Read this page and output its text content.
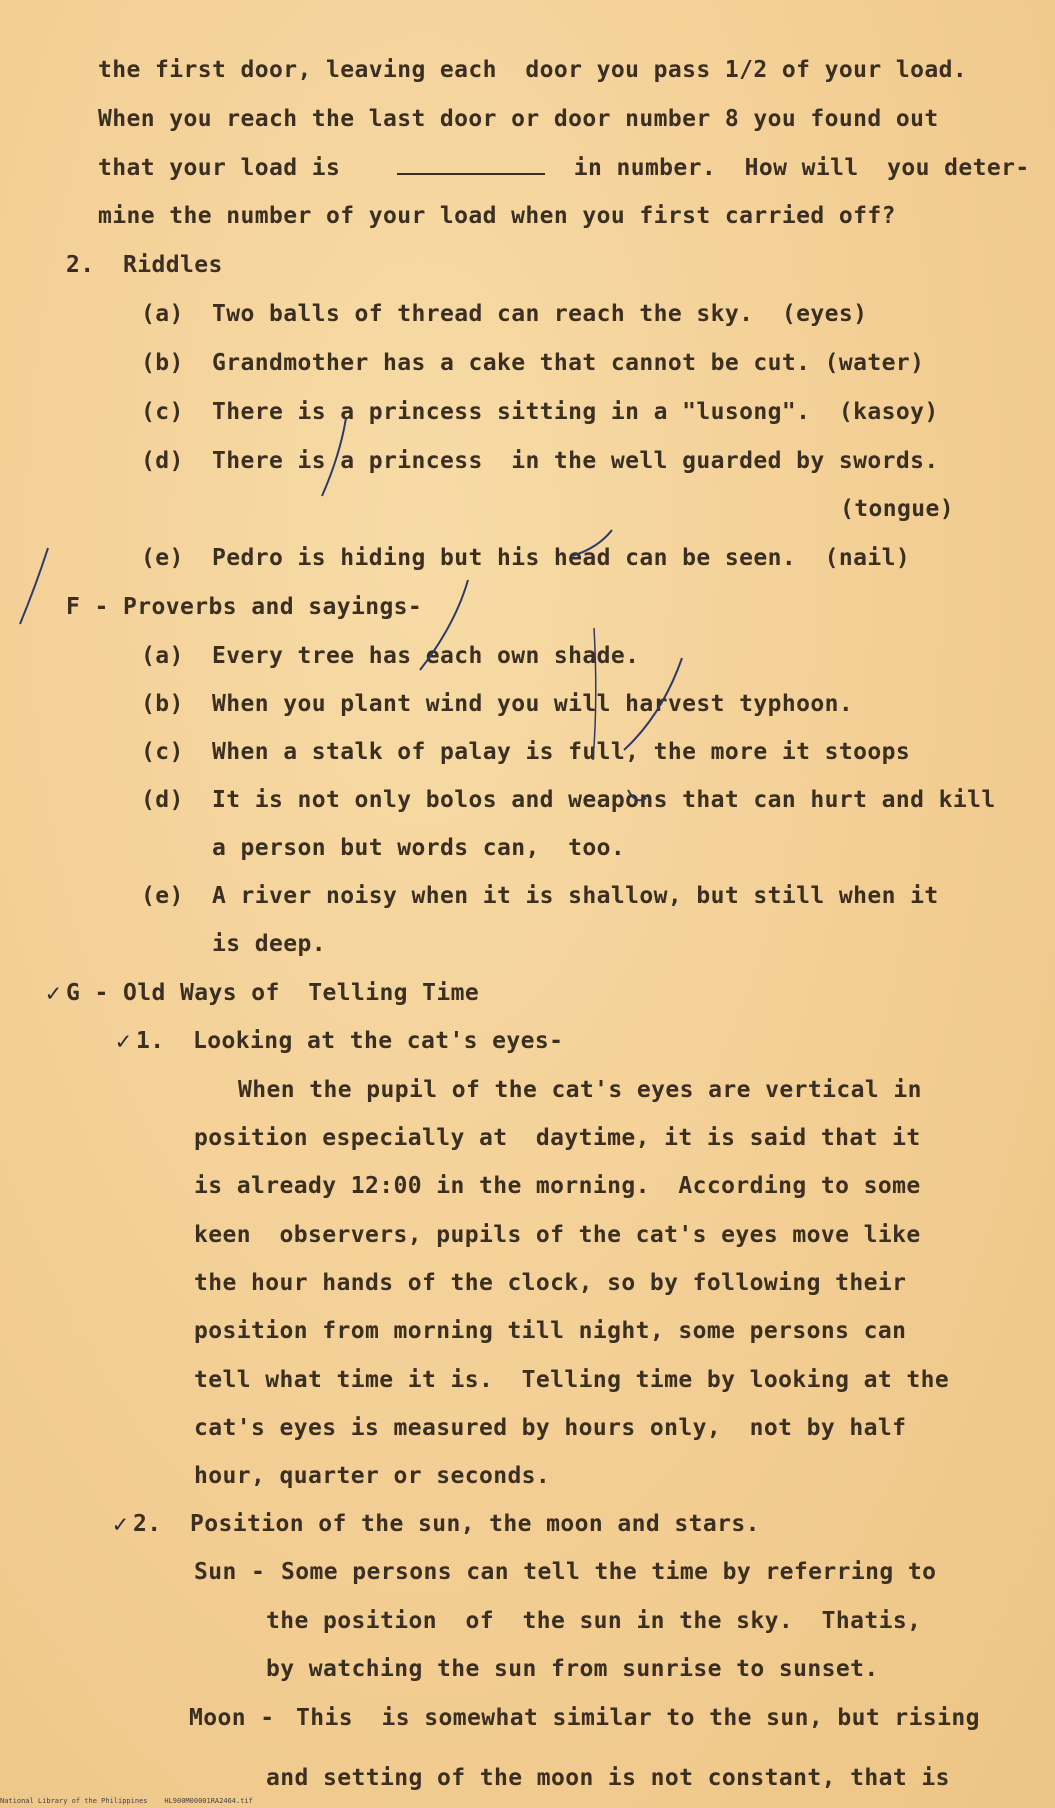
the first door, leaving each  door you pass 1/2 of your load.
When you reach the last door or door number 8 you found out
that your load is	in number.  How will  you deter-
mine the number of your load when you first carried off?
2.  Riddles
(a) Two balls of thread can reach the sky.  (eyes)
(b) Grandmother has a cake that cannot be cut. (water)
(c) There is a princess sitting in a "lusong".  (kasoy)
(d) There is a princess  in the well guarded by swords.
(tongue)
(e) Pedro is hiding but his head can be seen.  (nail)
F - Proverbs and sayings-
(a) Every tree has each own shade.
(b) When you plant wind you will harvest typhoon.
(c) When a stalk of palay is full, the more it stoops
(d) It is not only bolos and weapons that can hurt and kill
a person but words can,  too.
(e) A river noisy when it is shallow, but still when it
is deep.
✓ G - Old Ways of  Telling Time
✓ 1.  Looking at the cat's eyes-
When the pupil of the cat's eyes are vertical in
position especially at  daytime, it is said that it
is already 12:00 in the morning.  According to some
keen  observers, pupils of the cat's eyes move like
the hour hands of the clock, so by following their
position from morning till night, some persons can
tell what time it is.  Telling time by looking at the
cat's eyes is measured by hours only,  not by half
hour, quarter or seconds.
✓ 2.  Position of the sun, the moon and stars.
Sun - Some persons can tell the time by referring to
the position  of  the sun in the sky.  Thatis,
by watching the sun from sunrise to sunset.
Moon - This  is somewhat similar to the sun, but rising
and setting of the moon is not constant, that is
National Library of the Philippines    HL900M00001RA2464.tif
